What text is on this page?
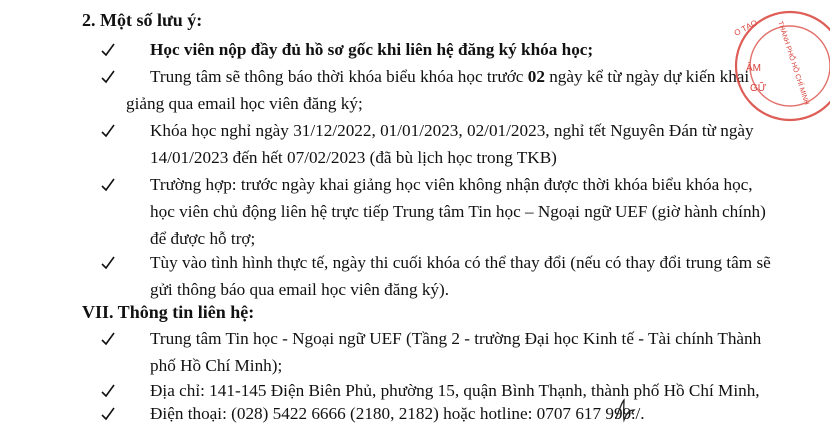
2. Một số lưu ý:
Học viên nộp đầy đủ hồ sơ gốc khi liên hệ đăng ký khóa học;
Trung tâm sẽ thông báo thời khóa biểu khóa học trước 02 ngày kể từ ngày dự kiến khai
giảng qua email học viên đăng ký;
Khóa học nghỉ ngày 31/12/2022, 01/01/2023, 02/01/2023, nghỉ tết Nguyên Đán từ ngày
14/01/2023 đến hết 07/02/2023 (đã bù lịch học trong TKB)
Trường hợp: trước ngày khai giảng học viên không nhận được thời khóa biểu khóa học,
học viên chủ động liên hệ trực tiếp Trung tâm Tin học – Ngoại ngữ UEF (giờ hành chính)
để được hỗ trợ;
Tùy vào tình hình thực tế, ngày thi cuối khóa có thể thay đổi (nếu có thay đổi trung tâm sẽ
gửi thông báo qua email học viên đăng ký).
VII. Thông tin liên hệ:
Trung tâm Tin học - Ngoại ngữ UEF (Tầng 2 - trường Đại học Kinh tế - Tài chính Thành
phố Hồ Chí Minh);
Địa chỉ: 141-145 Điện Biên Phủ, phường 15, quận Bình Thạnh, thành phố Hồ Chí Minh,
Điện thoại: (028) 5422 6666 (2180, 2182) hoặc hotline: 0707 617 999./.
O TẠO
ÂM
GỮ THÀNH PHỐ HỒ CHÍ MINH
